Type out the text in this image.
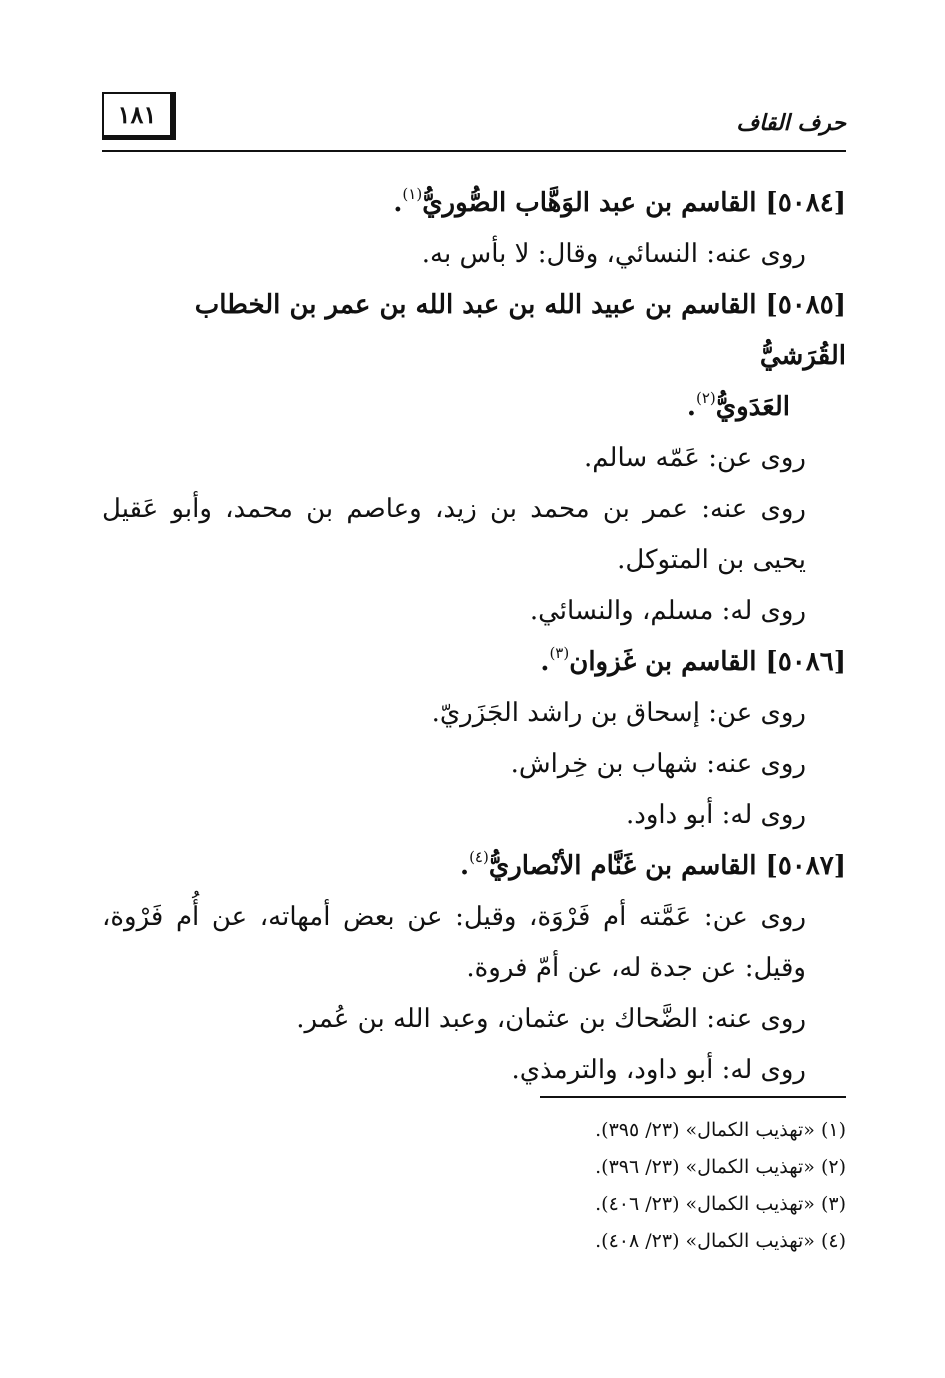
١٨١	حرف القاف

[٥٠٨٤] القاسم بن عبد الوَهَّاب الصُّوريُّ$^{(١)}$.

روى عنه: النسائي، وقال: لا بأس به.

[٥٠٨٥] القاسم بن عبيد الله بن عبد الله بن عمر بن الخطاب القُرَشيُّ
العَدَويُّ$^{(٢)}$.

روى عن: عَمّه سالم.

روى عنه: عمر بن محمد بن زيد، وعاصم بن محمد، وأبو عَقيل يحيى بن المتوكل.

روى له: مسلم، والنسائي.

[٥٠٨٦] القاسم بن غَزوان$^{(٣)}$.

روى عن: إسحاق بن راشد الجَزَريّ.

روى عنه: شهاب بن خِراش.

روى له: أبو داود.

[٥٠٨٧] القاسم بن غَنَّام الأنْصاريُّ$^{(٤)}$.

روى عن: عَمَّته أم فَرْوَة، وقيل: عن بعض أمهاته، عن أُم فَرْوة، وقيل: عن جدة له، عن أمّ فروة.

روى عنه: الضَّحاك بن عثمان، وعبد الله بن عُمر.

روى له: أبو داود، والترمذي.

(١) «تهذيب الكمال» (٢٣/ ٣٩٥).
(٢) «تهذيب الكمال» (٢٣/ ٣٩٦).
(٣) «تهذيب الكمال» (٢٣/ ٤٠٦).
(٤) «تهذيب الكمال» (٢٣/ ٤٠٨).
